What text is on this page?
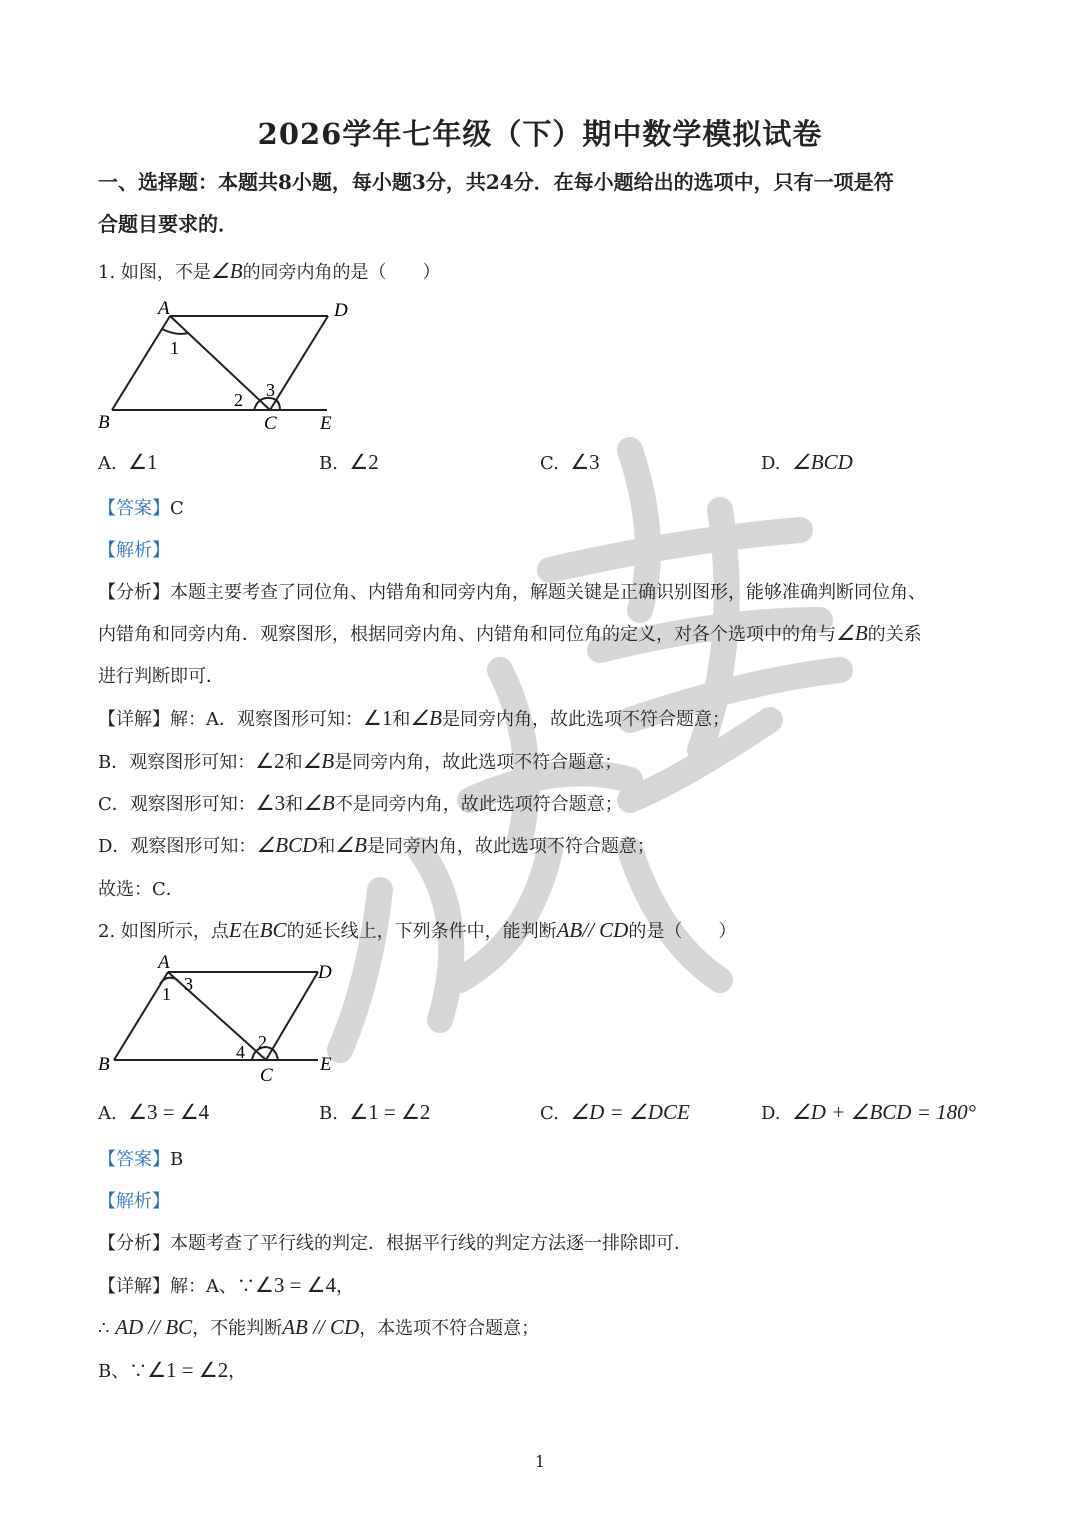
2026学年七年级（下）期中数学模拟试卷
一、选择题：本题共8小题，每小题3分，共24分．在每小题给出的选项中，只有一项是符
合题目要求的．
1. 如图，不是∠B的同旁内角的是（　　）
A	D
B	C E
1
2 3
A. ∠1	B. ∠2	C. ∠3	D. ∠BCD
【答案】C
【解析】
【分析】本题主要考查了同位角、内错角和同旁内角，解题关键是正确识别图形，能够准确判断同位角、
内错角和同旁内角．观察图形，根据同旁内角、内错角和同位角的定义，对各个选项中的角与∠B的关系
进行判断即可．
【详解】解：A．观察图形可知：∠1和∠B是同旁内角，故此选项不符合题意；
B．观察图形可知：∠2和∠B是同旁内角，故此选项不符合题意；
C．观察图形可知：∠3和∠B不是同旁内角，故此选项符合题意；
D．观察图形可知：∠BCD和∠B是同旁内角，故此选项不符合题意；
故选：C．
2. 如图所示，点E在BC的延长线上，下列条件中，能判断AB// CD的是（　　）
A	D
B
C
E
1
2
3
4
A. ∠3 = ∠4	B. ∠1 = ∠2	C. ∠D = ∠DCE	D. ∠D + ∠BCD = 180°
【答案】B
【解析】
【分析】本题考查了平行线的判定．根据平行线的判定方法逐一排除即可．
【详解】解：A、∵∠3 = ∠4，
∴ AD // BC，不能判断AB // CD，本选项不符合题意；
B、∵∠1 = ∠2，
1
